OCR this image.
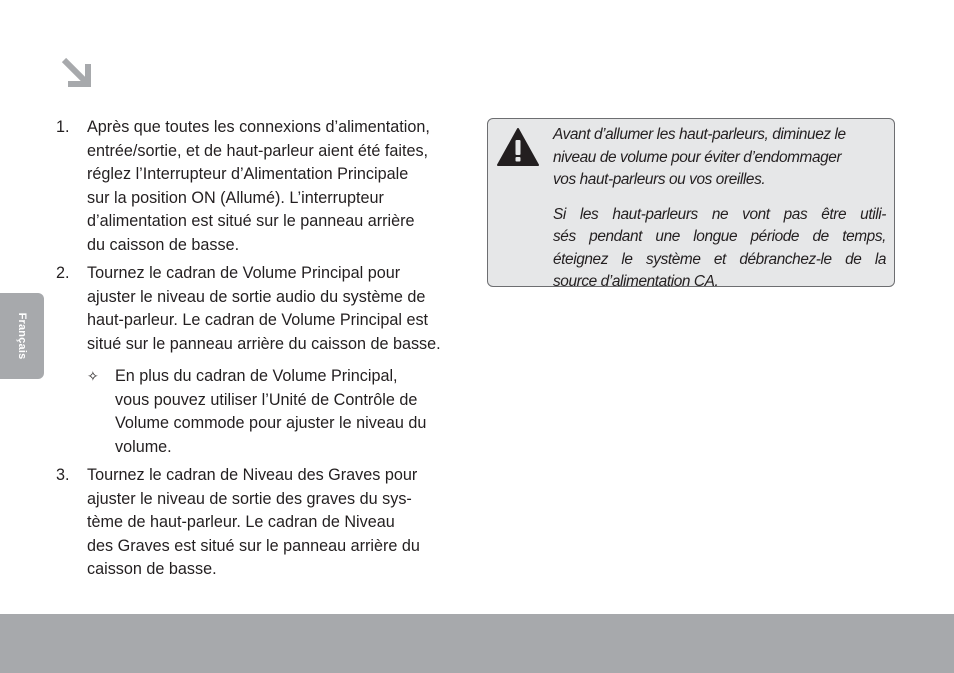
Français
1. Après que toutes les connexions d’alimentation,
entrée/sortie, et de haut-parleur aient été faites,
réglez l’Interrupteur d’Alimentation Principale
sur la position ON (Allumé). L’interrupteur
d’alimentation est situé sur le panneau arrière
du caisson de basse.
2. Tournez le cadran de Volume Principal pour
ajuster le niveau de sortie audio du système de
haut-parleur. Le cadran de Volume Principal est
situé sur le panneau arrière du caisson de basse.
✧ En plus du cadran de Volume Principal,
vous pouvez utiliser l’Unité de Contrôle de
Volume commode pour ajuster le niveau du
volume.
3. Tournez le cadran de Niveau des Graves pour
ajuster le niveau de sortie des graves du sys-
tème de haut-parleur. Le cadran de Niveau
des Graves est situé sur le panneau arrière du
caisson de basse.
Avant d’allumer les haut-parleurs, diminuez le
niveau de volume pour éviter d’endommager
vos haut-parleurs ou vos oreilles.
Si les haut-parleurs ne vont pas être utili-
sés pendant une longue période de temps,
éteignez le système et débranchez-le de la
source d’alimentation CA.
